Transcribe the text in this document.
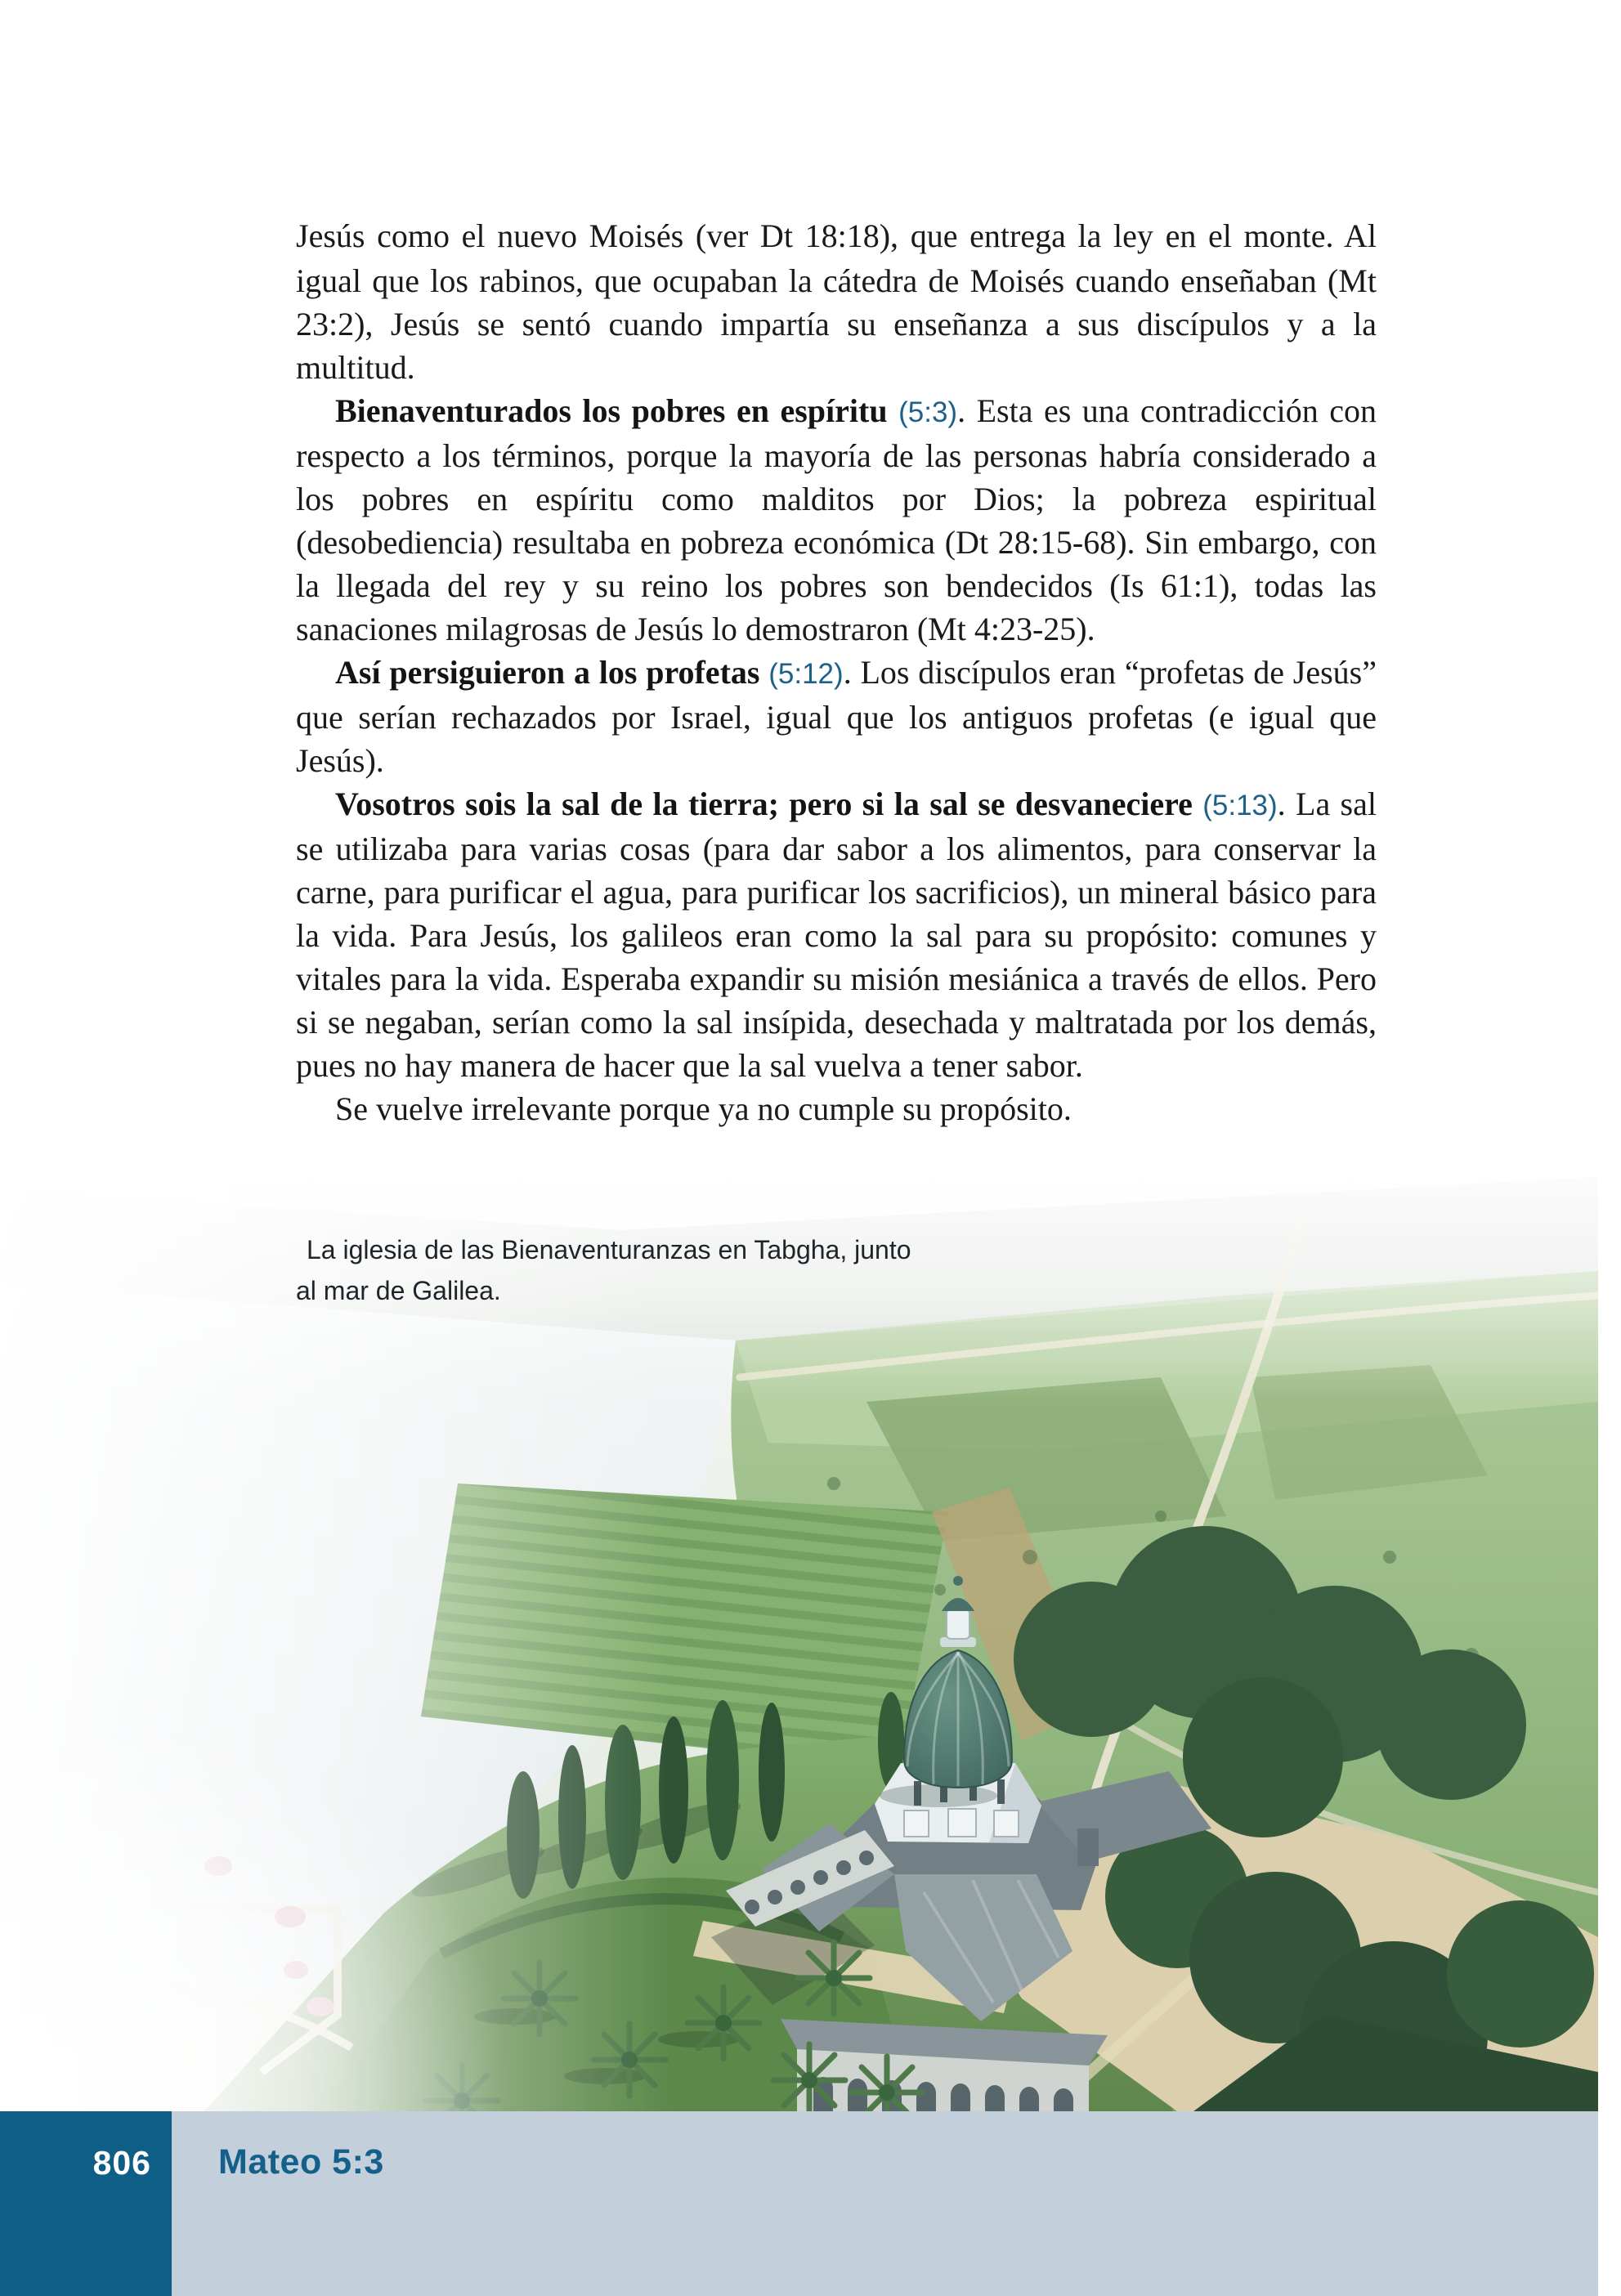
La iglesia de las Bienaventuranzas en Tabgha, junto
al mar de Galilea.

Jesús como el nuevo Moisés (ver Dt 18:18), que entrega la ley en el monte. Al igual que los rabinos, que ocupaban la cátedra de Moisés cuando enseñaban (Mt 23:2), Jesús se sentó cuando impartía su enseñanza a sus discípulos y a la multitud.

Bienaventurados los pobres en espíritu (5:3). Esta es una contradicción con respecto a los términos, porque la mayoría de las personas habría considerado a los pobres en espíritu como malditos por Dios; la pobreza espiritual (desobediencia) resultaba en pobreza económica (Dt 28:15-68). Sin embargo, con la llegada del rey y su reino los pobres son bendecidos (Is 61:1), todas las sanaciones milagrosas de Jesús lo demostraron (Mt 4:23-25).

Así persiguieron a los profetas (5:12). Los discípulos eran “profetas de Jesús” que serían rechazados por Israel, igual que los antiguos profetas (e igual que Jesús).

Vosotros sois la sal de la tierra; pero si la sal se desvaneciere (5:13). La sal se utilizaba para varias cosas (para dar sabor a los alimentos, para conservar la carne, para purificar el agua, para purificar los sacrificios), un mineral básico para la vida. Para Jesús, los galileos eran como la sal para su propósito: comunes y vitales para la vida. Esperaba expandir su misión mesiánica a través de ellos. Pero si se negaban, serían como la sal insípida, desechada y maltratada por los demás, pues no hay manera de hacer que la sal vuelva a tener sabor.

Se vuelve irrelevante porque ya no cumple su propósito.

806	Mateo 5:3
